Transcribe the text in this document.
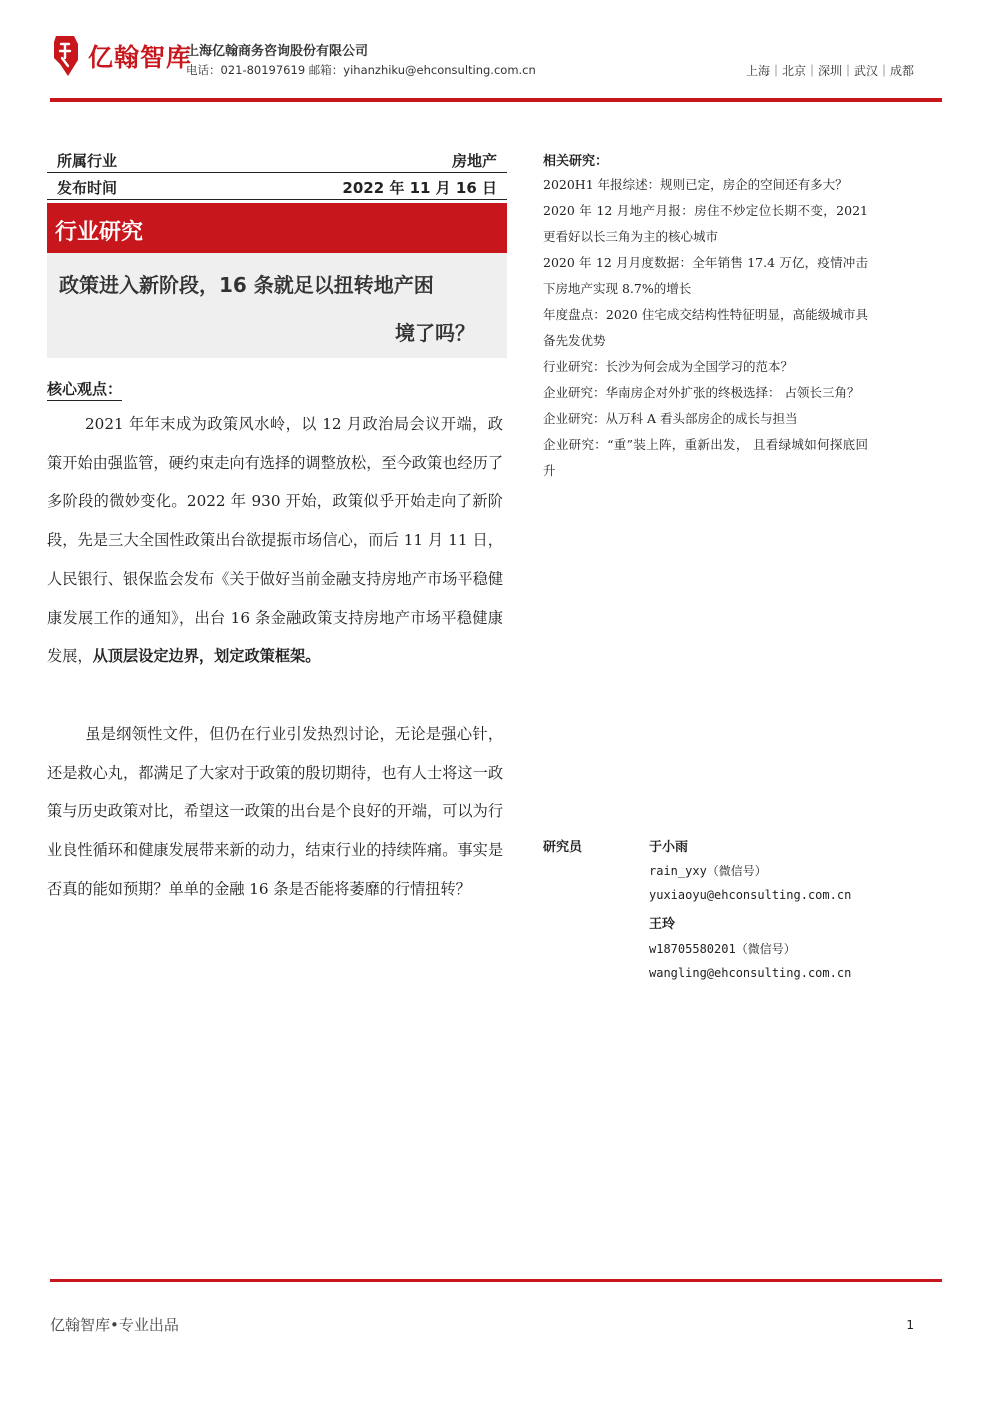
亿翰智库
上海亿翰商务咨询股份有限公司
电话：021-80197619 邮箱：yihanzhiku@ehconsulting.com.cn	上海｜北京｜深圳｜武汉｜成都
所属行业	房地产
发布时间	2022 年 11 月 16 日
行业研究
政策进入新阶段，16 条就足以扭转地产困
境了吗？
核心观点：

2021 年年末成为政策风水岭，以 12 月政治局会议开端，政策开始由强监管，硬约束走向有选择的调整放松，至今政策也经历了多阶段的微妙变化。2022 年 930 开始，政策似乎开始走向了新阶段，先是三大全国性政策出台欲提振市场信心，而后 11 月 11 日，人民银行、银保监会发布《关于做好当前金融支持房地产市场平稳健康发展工作的通知》，出台 16 条金融政策支持房地产市场平稳健康发展，从顶层设定边界，划定政策框架。

虽是纲领性文件，但仍在行业引发热烈讨论，无论是强心针，还是救心丸，都满足了大家对于政策的殷切期待，也有人士将这一政策与历史政策对比，希望这一政策的出台是个良好的开端，可以为行业良性循环和健康发展带来新的动力，结束行业的持续阵痛。事实是否真的能如预期？单单的金融 16 条是否能将萎靡的行情扭转？

相关研究：
2020H1 年报综述：规则已定，房企的空间还有多大？
2020 年 12 月地产月报：房住不炒定位长期不变，2021 更看好以长三角为主的核心城市
2020 年 12 月月度数据：全年销售 17.4 万亿，疫情冲击下房地产实现 8.7%的增长
年度盘点：2020 住宅成交结构性特征明显，高能级城市具备先发优势
行业研究：长沙为何会成为全国学习的范本？
企业研究：华南房企对外扩张的终极选择： 占领长三角？
企业研究：从万科 A 看头部房企的成长与担当
企业研究：“重”装上阵，重新出发， 且看绿城如何探底回升
研究员	于小雨
rain_yxy（微信号）
yuxiaoyu@ehconsulting.com.cn
王玲
w18705580201（微信号）
wangling@ehconsulting.com.cn
亿翰智库•专业出品	1
